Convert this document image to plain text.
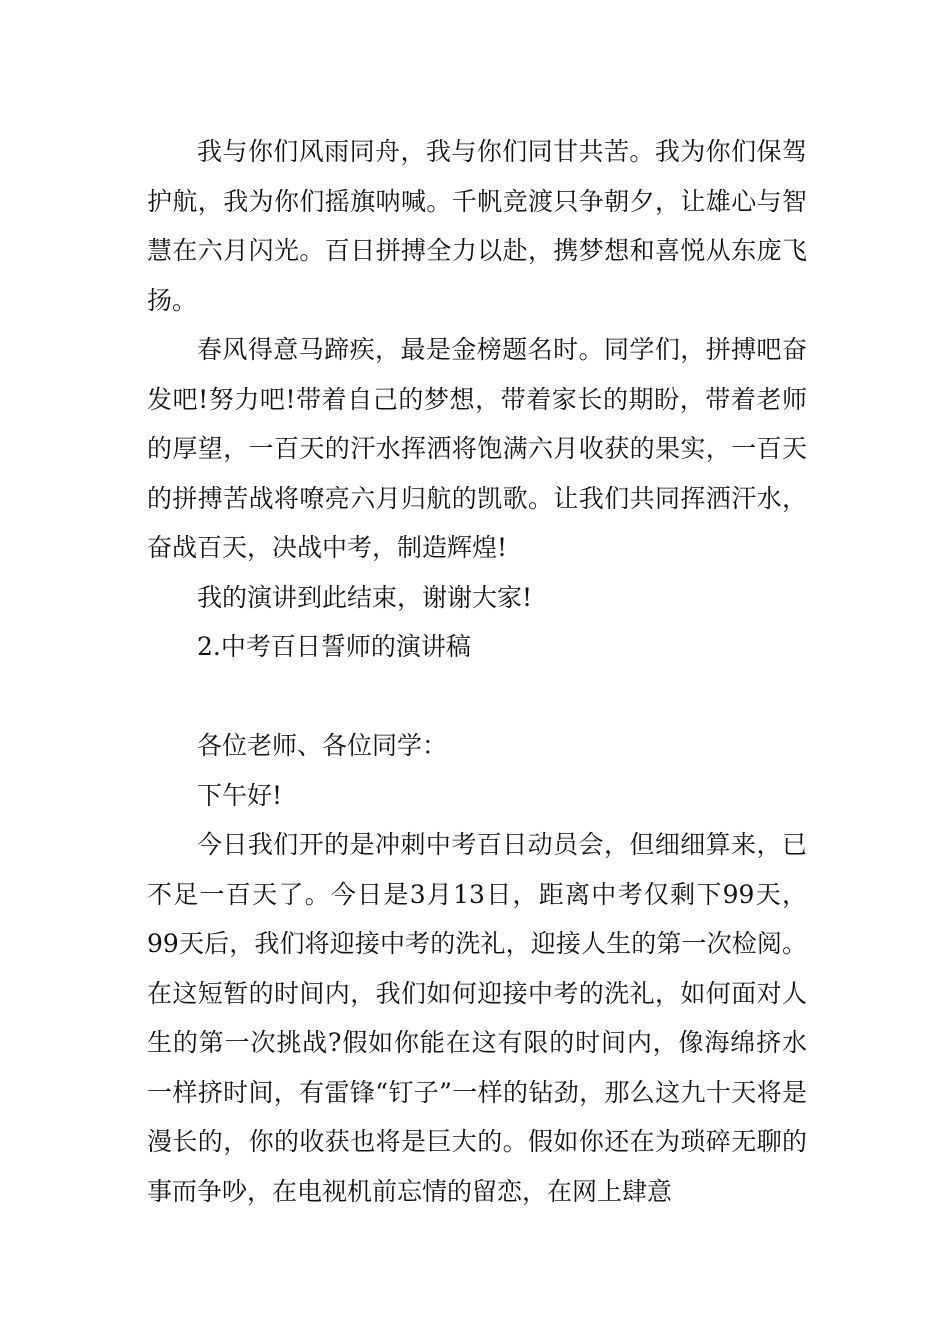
我与你们风雨同舟，我与你们同甘共苦。我为你们保驾护航，我为你们摇旗呐喊。千帆竞渡只争朝夕，让雄心与智慧在六月闪光。百日拼搏全力以赴，携梦想和喜悦从东庞飞扬。

春风得意马蹄疾，最是金榜题名时。同学们，拼搏吧奋发吧!努力吧!带着自己的梦想，带着家长的期盼，带着老师的厚望，一百天的汗水挥洒将饱满六月收获的果实，一百天的拼搏苦战将嘹亮六月归航的凯歌。让我们共同挥洒汗水，奋战百天，决战中考，制造辉煌!

我的演讲到此结束，谢谢大家!

2.中考百日誓师的演讲稿

各位老师、各位同学：

下午好!

今日我们开的是冲刺中考百日动员会，但细细算来，已不足一百天了。今日是3月13日，距离中考仅剩下99天，99天后，我们将迎接中考的洗礼，迎接人生的第一次检阅。在这短暂的时间内，我们如何迎接中考的洗礼，如何面对人生的第一次挑战?假如你能在这有限的时间内，像海绵挤水一样挤时间，有雷锋“钉子”一样的钻劲，那么这九十天将是漫长的，你的收获也将是巨大的。假如你还在为琐碎无聊的事而争吵，在电视机前忘情的留恋，在网上肆意
